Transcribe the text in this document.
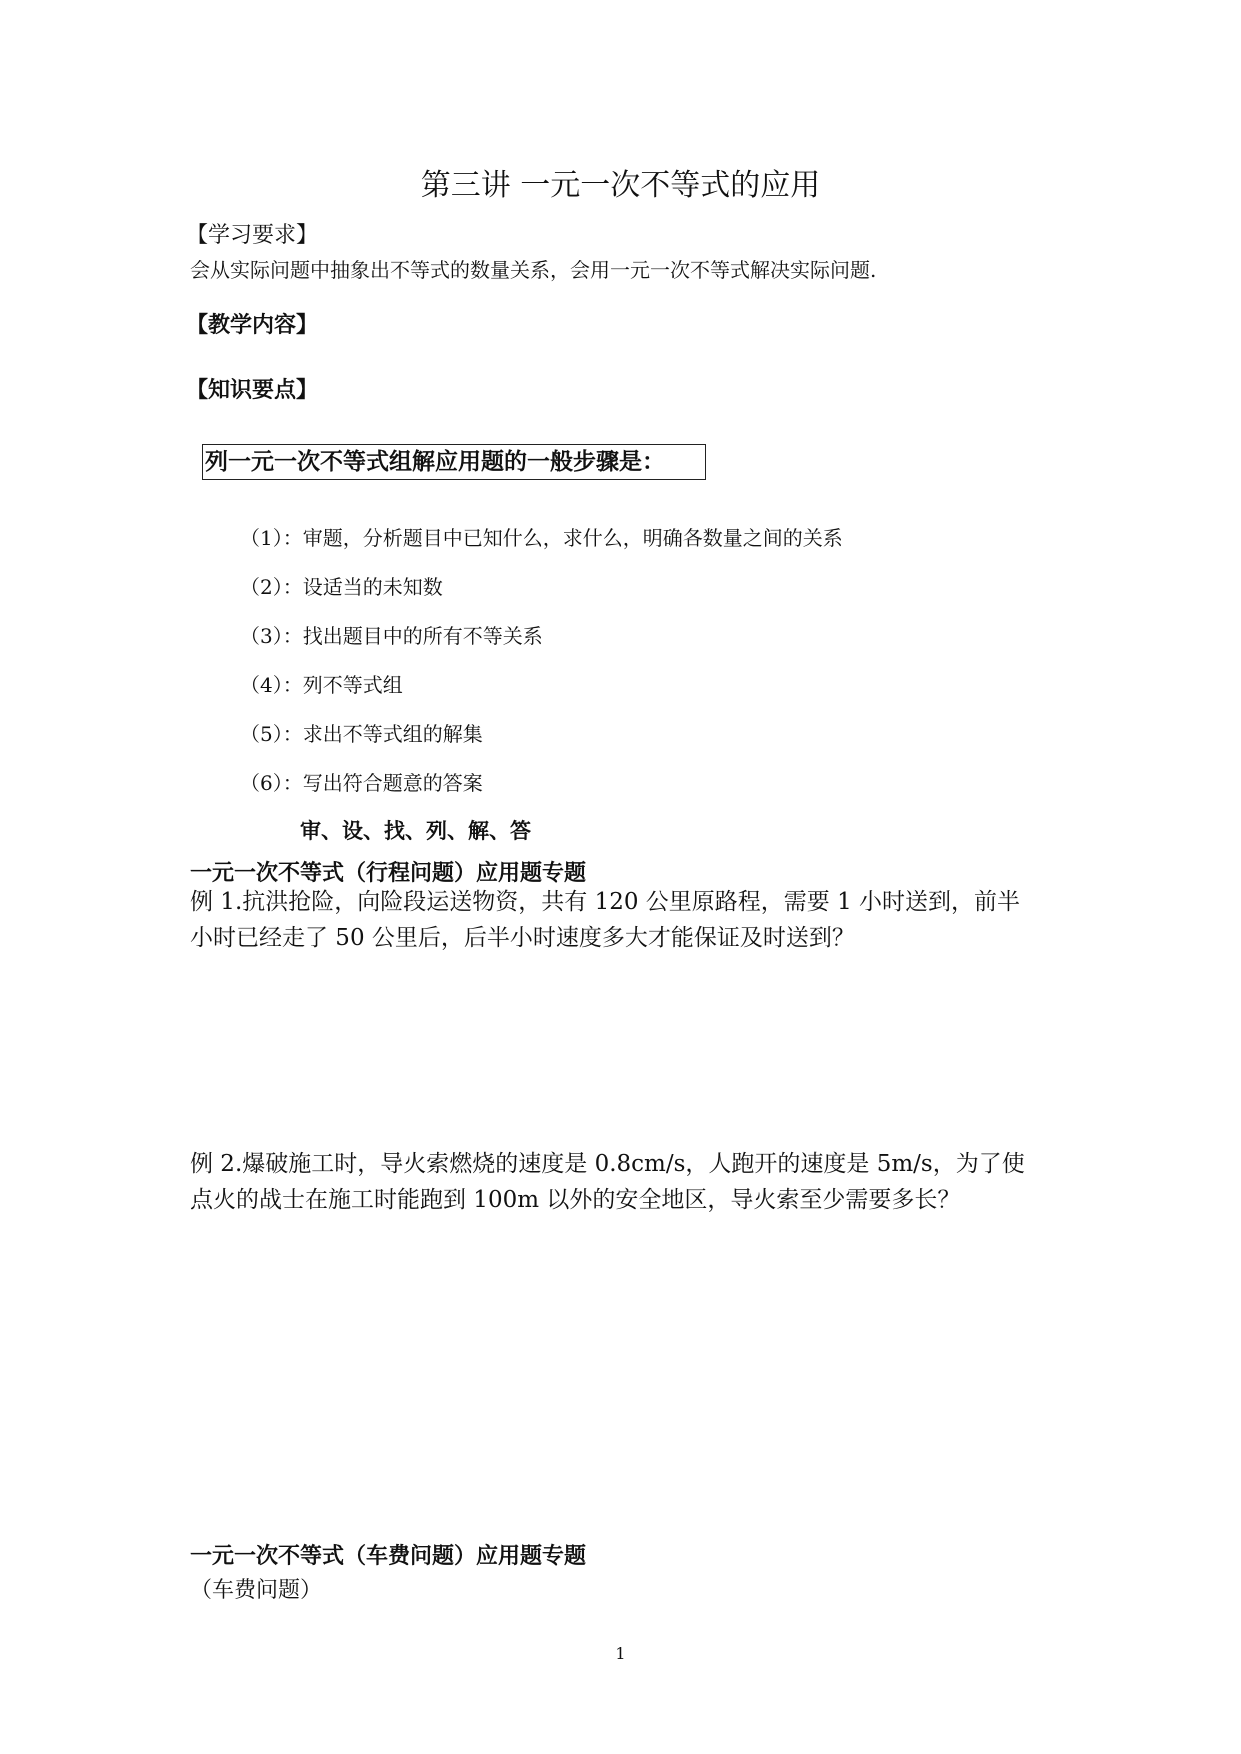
第三讲 一元一次不等式的应用
【学习要求】
会从实际问题中抽象出不等式的数量关系，会用一元一次不等式解决实际问题.
【教学内容】
【知识要点】
列一元一次不等式组解应用题的一般步骤是：
（1）：审题，分析题目中已知什么，求什么，明确各数量之间的关系
（2）：设适当的未知数
（3）：找出题目中的所有不等关系
（4）：列不等式组
（5）：求出不等式组的解集
（6）：写出符合题意的答案
审、设、找、列、解、答
一元一次不等式（行程问题）应用题专题
例 1.抗洪抢险，向险段运送物资，共有 120 公里原路程，需要 1 小时送到，前半
小时已经走了 50 公里后，后半小时速度多大才能保证及时送到？
例 2.爆破施工时，导火索燃烧的速度是 0.8cm/s，人跑开的速度是 5m/s，为了使
点火的战士在施工时能跑到 100m 以外的安全地区，导火索至少需要多长？
一元一次不等式（车费问题）应用题专题
（车费问题）
1
